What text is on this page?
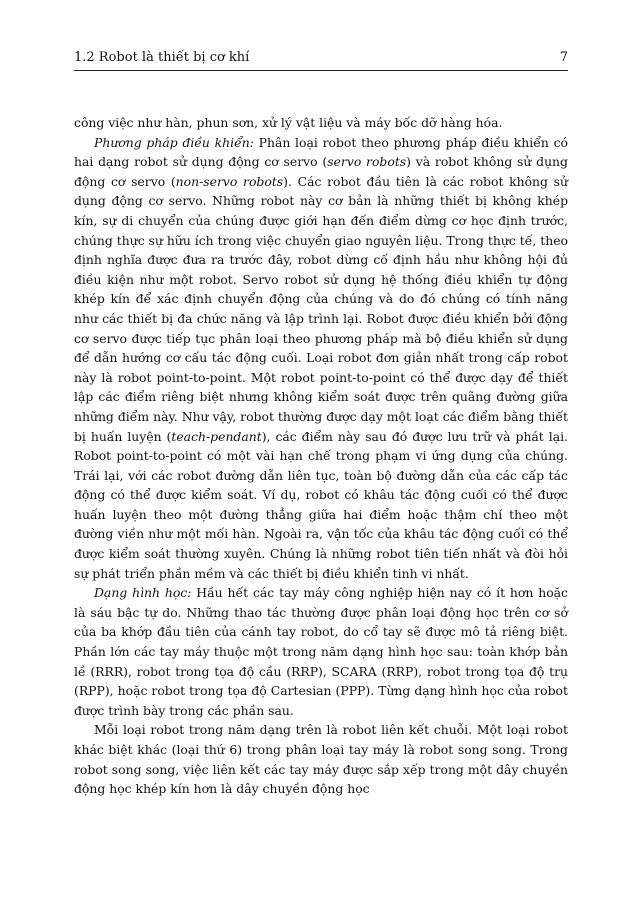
1.2 Robot là thiết bị cơ khí	7

công việc như hàn, phun sơn, xử lý vật liệu và máy bốc dỡ hàng hóa.

Phương pháp điều khiển: Phân loại robot theo phương pháp điều khiển có hai dạng robot sử dụng động cơ servo (servo robots) và robot không sử dụng động cơ servo (non-servo robots). Các robot đầu tiên là các robot không sử dụng động cơ servo. Những robot này cơ bản là những thiết bị không khép kín, sự di chuyển của chúng được giới hạn đến điểm dừng cơ học định trước, chúng thực sự hữu ích trong việc chuyển giao nguyên liệu. Trong thực tế, theo định nghĩa được đưa ra trước đây, robot dừng cố định hầu như không hội đủ điều kiện như một robot. Servo robot sử dụng hệ thống điều khiển tự động khép kín để xác định chuyển động của chúng và do đó chúng có tính năng như các thiết bị đa chức năng và lập trình lại. Robot được điều khiển bởi động cơ servo được tiếp tục phân loại theo phương pháp mà bộ điều khiển sử dụng để dẫn hướng cơ cấu tác động cuối. Loại robot đơn giản nhất trong cấp robot này là robot point-to-point. Một robot point-to-point có thể được dạy để thiết lập các điểm riêng biệt nhưng không kiểm soát được trên quãng đường giữa những điểm này. Như vậy, robot thường được dạy một loạt các điểm bằng thiết bị huấn luyện (teach-pendant), các điểm này sau đó được lưu trữ và phát lại. Robot point-to-point có một vài hạn chế trong phạm vi ứng dụng của chúng. Trái lại, với các robot đường dẫn liên tục, toàn bộ đường dẫn của các cấp tác động có thể được kiểm soát. Ví dụ, robot có khâu tác động cuối có thể được huấn luyện theo một đường thẳng giữa hai điểm hoặc thậm chí theo một đường viền như một mối hàn. Ngoài ra, vận tốc của khâu tác động cuối có thể được kiểm soát thường xuyên. Chúng là những robot tiên tiến nhất và đòi hỏi sự phát triển phần mềm và các thiết bị điều khiển tinh vi nhất.

Dạng hình học: Hầu hết các tay máy công nghiệp hiện nay có ít hơn hoặc là sáu bậc tự do. Những thao tác thường được phân loại động học trên cơ sở của ba khớp đầu tiên của cánh tay robot, do cổ tay sẽ được mô tả riêng biệt. Phần lớn các tay máy thuộc một trong năm dạng hình học sau: toàn khớp bản lề (RRR), robot trong tọa độ cầu (RRP), SCARA (RRP), robot trong tọa độ trụ (RPP), hoặc robot trong tọa độ Cartesian (PPP). Từng dạng hình học của robot được trình bày trong các phần sau.

Mỗi loại robot trong năm dạng trên là robot liên kết chuỗi. Một loại robot khác biệt khác (loại thứ 6) trong phân loại tay máy là robot song song. Trong robot song song, việc liên kết các tay máy được sắp xếp trong một dây chuyền động học khép kín hơn là dây chuyền động học
